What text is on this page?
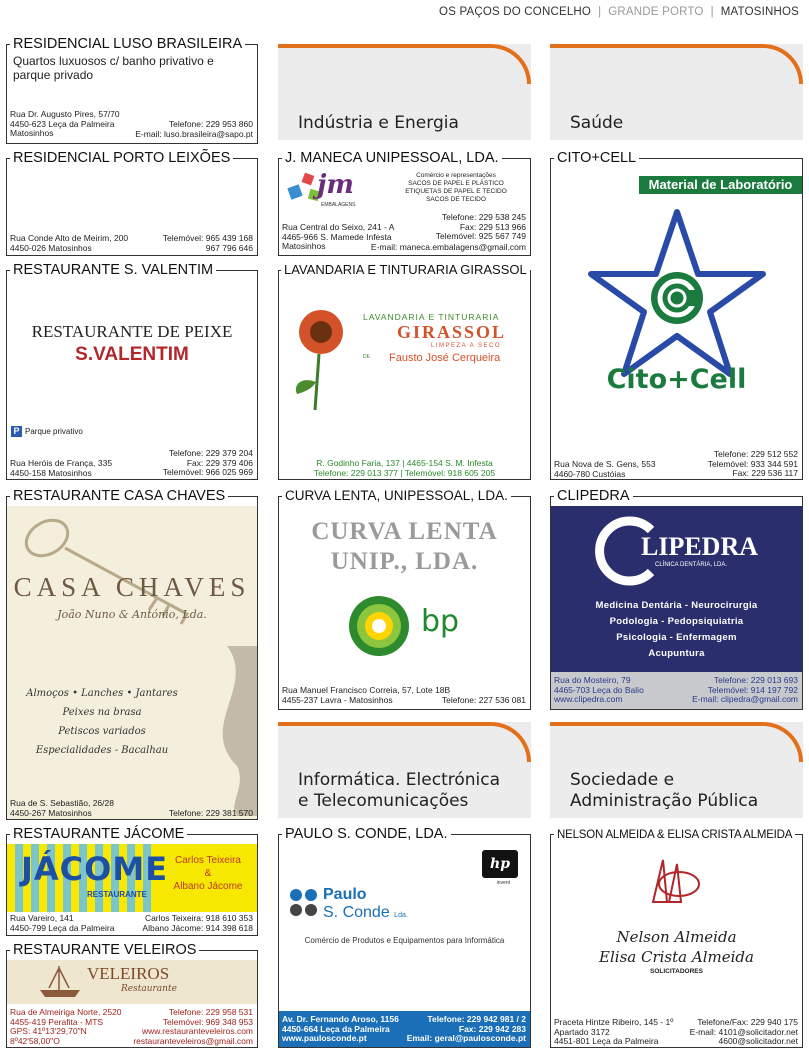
OS PAÇOS DO CONCELHO | GRANDE PORTO | MATOSINHOS
RESIDENCIAL LUSO BRASILEIRA
Quartos luxuosos c/ banho privativo e parque privado
Rua Dr. Augusto Pires, 57/70
4450-623 Leça da Palmeira
Matosinhos
Telefone: 229 953 860
E-mail: luso.brasileira@sapo.pt
RESIDENCIAL PORTO LEIXÕES
Rua Conde Alto de Meirim, 200
4450-026 Matosinhos
Telemóvel: 965 439 168
967 796 646
RESTAURANTE S. VALENTIM
RESTAURANTE DE PEIXE
S.VALENTIM
P Parque privativo
Rua Heróis de França, 335
4450-158 Matosinhos
Telefone: 229 379 204
Fax: 229 379 406
Telemóvel: 966 025 969
RESTAURANTE CASA CHAVES
CASA CHAVES
João Nuno & António, Lda.
Almoços • Lanches • Jantares
Peixes na brasa
Petiscos variados
Especialidades - Bacalhau
Rua de S. Sebastião, 26/28
4450-267 Matosinhos	Telefone: 229 381 570
RESTAURANTE JÁCOME
JÁCOME
RESTAURANTE
Carlos Teixeira
&
Albano Jácome
Rua Vareiro, 141
4450-799 Leça da Palmeira
Carlos Teixeira: 918 610 353
Albano Jácome: 914 398 618
RESTAURANTE VELEIROS
VELEIROS
Restaurante
Rua de Almeiriga Norte, 2520
4455-419 Perafita - MTS
GPS: 41º13'29,70"N
8º42'58,00"O
Telefone: 229 958 531
Telemóvel: 969 348 953
www.restauranteveleiros.com
restauranteveleiros@gmail.com
Indústria e Energia
J. MANECA UNIPESSOAL, LDA.
jm
EMBALAGENS
Comércio e representações
SACOS DE PAPEL E PLÁSTICO
ETIQUETAS DE PAPEL E TECIDO
SACOS DE TECIDO
Telefone: 229 538 245
Fax: 229 513 966
Telemóvel: 925 567 749
Rua Central do Seixo, 241 - A
4465-966 S. Mamede Infesta
Matosinhos	E-mail: maneca.embalagens@gmail.com
LAVANDARIA E TINTURARIA GIRASSOL
LAVANDARIA E TINTURARIA
GIRASSOL
LIMPEZA A SECO
DE Fausto José Cerqueira
R. Godinho Faria, 137 | 4465-154 S. M. Infesta
Telefone: 229 013 377 | Telemóvel: 918 605 205
CURVA LENTA, UNIPESSOAL, LDA.
CURVA LENTA
UNIP., LDA.
bp
Rua Manuel Francisco Correia, 57, Lote 18B
4455-237 Lavra - Matosinhos	Telefone: 227 536 081
Informática. Electrónica
e Telecomunicações
PAULO S. CONDE, LDA.
hp
invent
Paulo
S. Conde Lda.
Comércio de Produtos e Equipamentos para Informática
Av. Dr. Fernando Aroso, 1156
4450-664 Leça da Palmeira
www.paulosconde.pt
Telefone: 229 942 981 / 2
Fax: 229 942 283
Email: geral@paulosconde.pt
Saúde
CITO+CELL
Material de Laboratório
Cito+Cell
Rua Nova de S. Gens, 553
4460-780 Custóias
Telefone: 229 512 552
Telemóvel: 933 344 591
Fax: 229 536 117
CLIPEDRA
LIPEDRA
CLÍNICA DENTÁRIA, LDA.
Medicina Dentária - Neurocirurgia
Podologia - Pedopsiquiatria
Psicologia - Enfermagem
Acupuntura
Rua do Mosteiro, 79
4465-703 Leça do Balio
www.clipedra.com
Telefone: 229 013 693
Telemóvel: 914 197 792
E-mail: clipedra@gmail.com
Sociedade e
Administração Pública
NELSON ALMEIDA & ELISA CRISTA ALMEIDA
Nelson Almeida
Elisa Crista Almeida
SOLICITADORES
Praceta Hintze Ribeiro, 145 - 1º
Apartado 3172
4451-801 Leça da Palmeira
Telefone/Fax: 229 940 175
E-mail: 4101@solicitador.net
4600@solicitador.net
